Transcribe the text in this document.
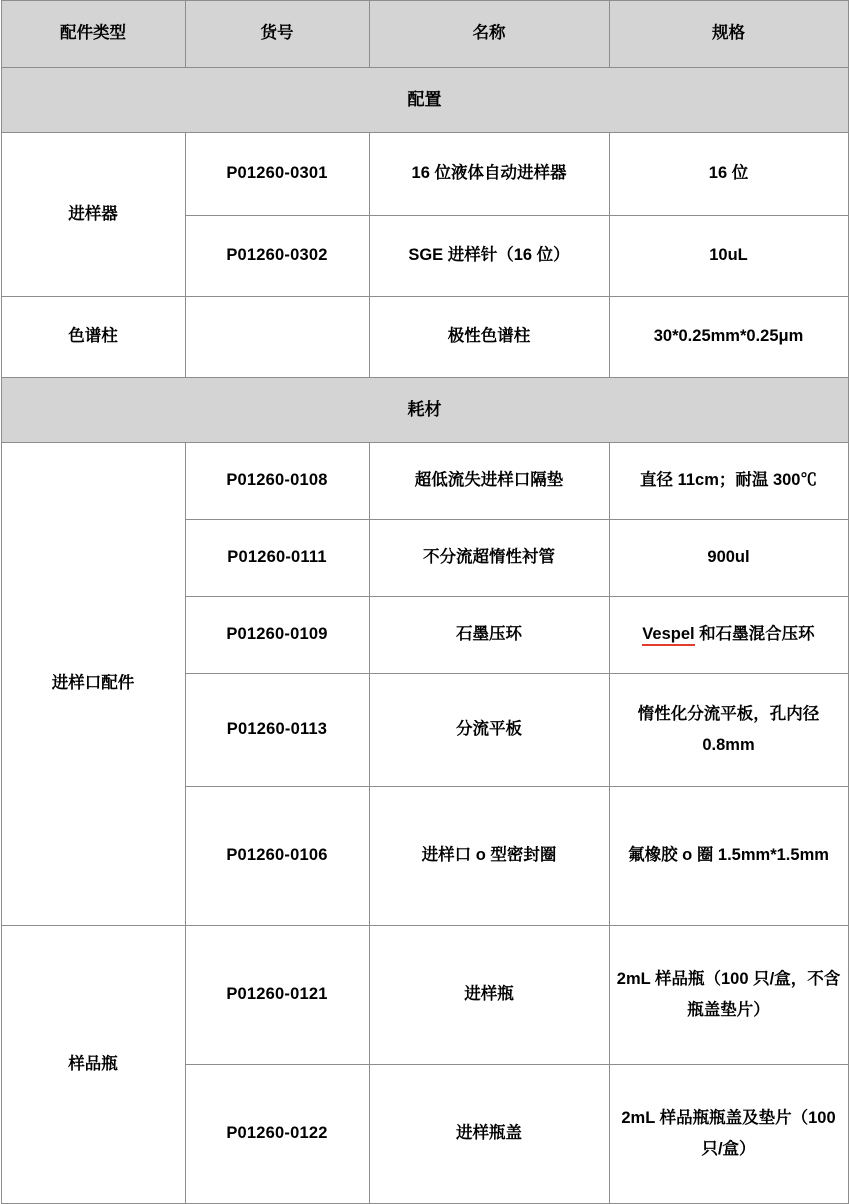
配件类型	货号	名称	规格
配置			
进样器	P01260-0301	16 位液体自动进样器	16 位
	P01260-0302	SGE 进样针（16 位）	10uL
色谱柱		极性色谱柱	30*0.25mm*0.25μm
耗材			
进样口配件	P01260-0108	超低流失进样口隔垫	直径 11cm；耐温 300℃
	P01260-0111	不分流超惰性衬管	900ul
	P01260-0109	石墨压环	Vespel 和石墨混合压环
	P01260-0113	分流平板	惰性化分流平板，孔内径 0.8mm
	P01260-0106	进样口 o 型密封圈	氟橡胶 o 圈 1.5mm*1.5mm
样品瓶	P01260-0121	进样瓶	2mL 样品瓶（100 只/盒，不含瓶盖垫片）
	P01260-0122	进样瓶盖	2mL 样品瓶瓶盖及垫片（100 只/盒）
